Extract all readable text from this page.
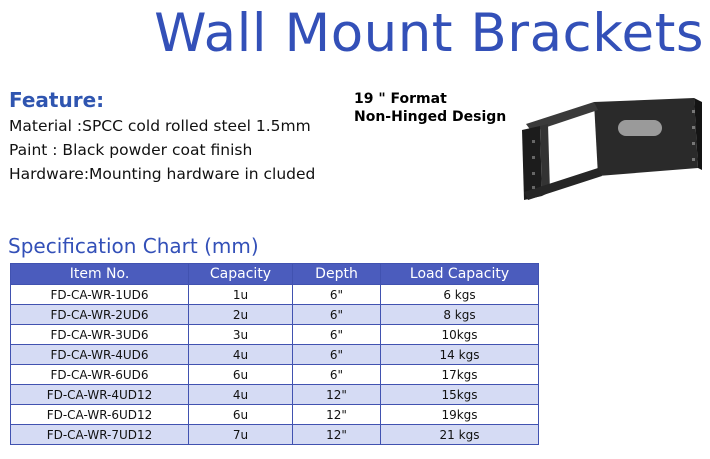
Wall Mount Brackets
Feature:
Material :SPCC cold rolled steel 1.5mm
Paint : Black powder coat finish
Hardware:Mounting hardware in cluded
19 " Format
Non-Hinged Design
Specification Chart (mm)
Item No.	Capacity	Depth	Load Capacity
FD-CA-WR-1UD6	1u	6"	6 kgs
FD-CA-WR-2UD6	2u	6"	8 kgs
FD-CA-WR-3UD6	3u	6"	10kgs
FD-CA-WR-4UD6	4u	6"	14 kgs
FD-CA-WR-6UD6	6u	6"	17kgs
FD-CA-WR-4UD12	4u	12"	15kgs
FD-CA-WR-6UD12	6u	12"	19kgs
FD-CA-WR-7UD12	7u	12"	21 kgs
